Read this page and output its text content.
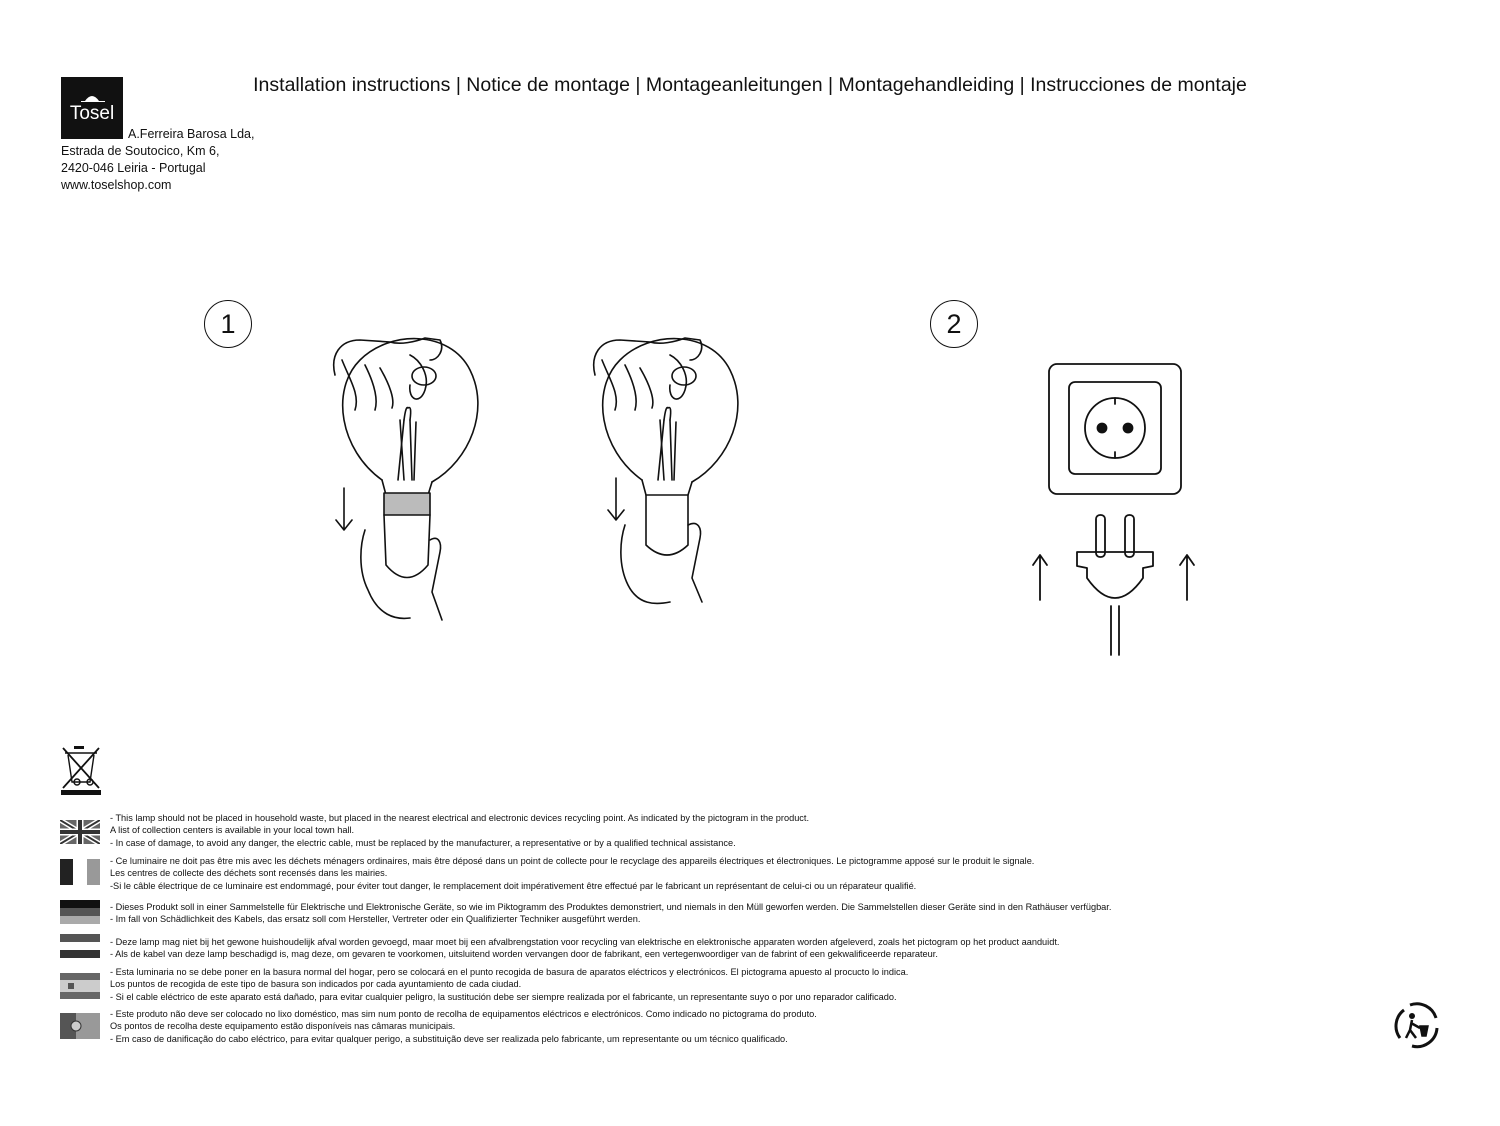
Tosel
A.Ferreira Barosa Lda,
Estrada de Soutocico, Km 6,
2420-046 Leiria - Portugal
www.toselshop.com
Installation instructions | Notice de montage | Montageanleitungen | Montagehandleiding | Instrucciones de montaje
1	2
- This lamp should not be placed in household waste, but placed in the nearest electrical and electronic devices recycling point. As indicated by the pictogram in the product.
A list of collection centers is available in your local town hall.
- In case of damage, to avoid any danger, the electric cable, must be replaced by the manufacturer, a representative or by a qualified technical assistance.
- Ce luminaire ne doit pas être mis avec les déchets ménagers ordinaires, mais être déposé dans un point de collecte pour le recyclage des appareils électriques et électroniques. Le pictogramme apposé sur le produit le signale.
Les centres de collecte des déchets sont recensés dans les mairies.
-Si le câble électrique de ce luminaire est endommagé, pour éviter tout danger, le remplacement doit impérativement être effectué par le fabricant un représentant de celui-ci ou un réparateur qualifié.
- Dieses Produkt soll in einer Sammelstelle für Elektrische und Elektronische Geräte, so wie im Piktogramm des Produktes demonstriert, und niemals in den Müll geworfen werden. Die Sammelstellen dieser Geräte sind in den Rathäuser verfügbar.
- Im fall von Schädlichkeit des Kabels, das ersatz soll com Hersteller, Vertreter oder ein Qualifizierter Techniker ausgeführt werden.
- Deze lamp mag niet bij het gewone huishoudelijk afval worden gevoegd, maar moet bij een afvalbrengstation voor recycling van elektrische en elektronische apparaten worden afgeleverd, zoals het pictogram op het product aanduidt.
- Als de kabel van deze lamp beschadigd is, mag deze, om gevaren te voorkomen, uitsluitend worden vervangen door de fabrikant, een vertegenwoordiger van de fabrint of een gekwalificeerde reparateur.
- Esta luminaria no se debe poner en la basura normal del hogar, pero se colocará en el punto recogida de basura de aparatos eléctricos y electrónicos. El pictograma apuesto al procucto lo indica.
Los puntos de recogida de este tipo de basura son indicados por cada ayuntamiento de cada ciudad.
- Si el cable eléctrico de este aparato está dañado, para evitar cualquier peligro, la sustitución debe ser siempre realizada por el fabricante, un representante suyo o por uno reparador calificado.
- Este produto não deve ser colocado no lixo doméstico, mas sim num ponto de recolha de equipamentos eléctricos e electrónicos. Como indicado no pictograma do produto.
Os pontos de recolha deste equipamento estão disponíveis nas câmaras municipais.
- Em caso de danificação do cabo eléctrico, para evitar qualquer perigo, a substituição deve ser realizada pelo fabricante, um representante ou um técnico qualificado.
